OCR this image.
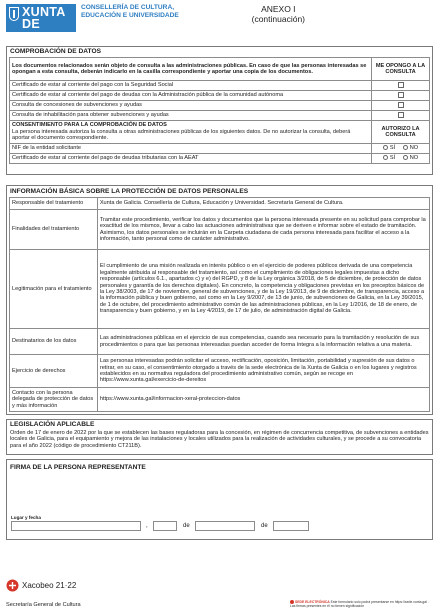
XUNTA
DE GALICIA
CONSELLERÍA DE CULTURA, EDUCACIÓN E UNIVERSIDADE
ANEXO I
(continuación)
COMPROBACIÓN DE DATOS
Los documentos relacionados serán objeto de consulta a las administraciones públicas. En caso de que las personas interesadas se opongan a esta consulta, deberán indicarlo en la casilla correspondiente y aportar una copia de los documentos.	ME OPONGO A LA CONSULTA
Certificado de estar al corriente del pago con la Seguridad Social	
Certificado de estar al corriente del pago de deudas con la Administración pública de la comunidad autónoma	
Consulta de concesiones de subvenciones y ayudas	
Consulta de inhabilitación para obtener subvenciones y ayudas	

CONSENTIMIENTO PARA LA COMPROBACIÓN DE DATOS
La persona interesada autoriza la consulta a otras administraciones públicas de los siguientes datos. De no autorizar la consulta, deberá aportar el documento correspondiente.	AUTORIZO LA CONSULTA
NIF de la entidad solicitante	SÍ NO
Certificado de estar al corriente del pago de deudas tributarias con la AEAT	SÍ NO
INFORMACIÓN BÁSICA SOBRE LA PROTECCIÓN DE DATOS PERSONALES
Responsable del tratamiento	Xunta de Galicia. Consellería de Cultura, Educación y Universidad. Secretaría General de Cultura.
Finalidades del tratamiento	Tramitar este procedimiento, verificar los datos y documentos que la persona interesada presente en su solicitud para comprobar la exactitud de los mismos, llevar a cabo las actuaciones administrativas que se deriven e informar sobre el estado de tramitación. Asimismo, los datos personales se incluirán en la Carpeta ciudadana de cada persona interesada para facilitar el acceso a la información, tanto personal como de carácter administrativo.
Legitimación para el tratamiento	El cumplimiento de una misión realizada en interés público o en el ejercicio de poderes públicos derivada de una competencia legalmente atribuida al responsable del tratamiento, así como el cumplimiento de obligaciones legales impuestas a dicho responsable (artículos 6.1., apartados c) y e) del RGPD, y 8 de la Ley orgánica 3/2018, de 5 de diciembre, de protección de datos personales y garantía de los derechos digitales). En concreto, la competencia y obligaciones previstas en los preceptos básicos de la Ley 38/2003, de 17 de noviembre, general de subvenciones, y de la Ley 19/2013, de 9 de diciembre, de transparencia, acceso a la información pública y buen gobierno, así como en la Ley 9/2007, de 13 de junio, de subvenciones de Galicia, en la Ley 39/2015, de 1 de octubre, del procedimiento administrativo común de las administraciones públicas, en la Ley 1/2016, de 18 de enero, de transparencia y buen gobierno, y en la Ley 4/2019, de 17 de julio, de administración digital de Galicia.
Destinatarios de los datos	Las administraciones públicas en el ejercicio de sus competencias, cuando sea necesario para la tramitación y resolución de sus procedimientos o para que las personas interesadas puedan acceder de forma íntegra a la información relativa a una materia.
Ejercicio de derechos	Las personas interesadas podrán solicitar el acceso, rectificación, oposición, limitación, portabilidad y supresión de sus datos o retirar, en su caso, el consentimiento otorgado a través de la sede electrónica de la Xunta de Galicia o en los lugares y registros establecidos en su normativa reguladora del procedimiento administrativo común, según se recoge en https://www.xunta.gal/exercicio-de-dereitos
Contacto con la persona delegada de protección de datos y más información	https://www.xunta.gal/informacion-xeral-proteccion-datos
LEGISLACIÓN APLICABLE
Orden de 17 de enero de 2022 por la que se establecen las bases reguladoras para la concesión, en régimen de concurrencia competitiva, de subvenciones a entidades locales de Galicia, para el equipamiento y mejora de las instalaciones y locales utilizados para la realización de actividades culturales, y se procede a su convocatoria para el año 2022 (código de procedimiento CT211B).
FIRMA DE LA PERSONA REPRESENTANTE
Lugar y fecha
,	de	de
Xacobeo 21·22
Secretaría General de Cultura	SEDE ELECTRÓNICA Este formulario solo podrá presentarse en https://sede.xunta.gal . Las firmas presentes en él no tienen significación
